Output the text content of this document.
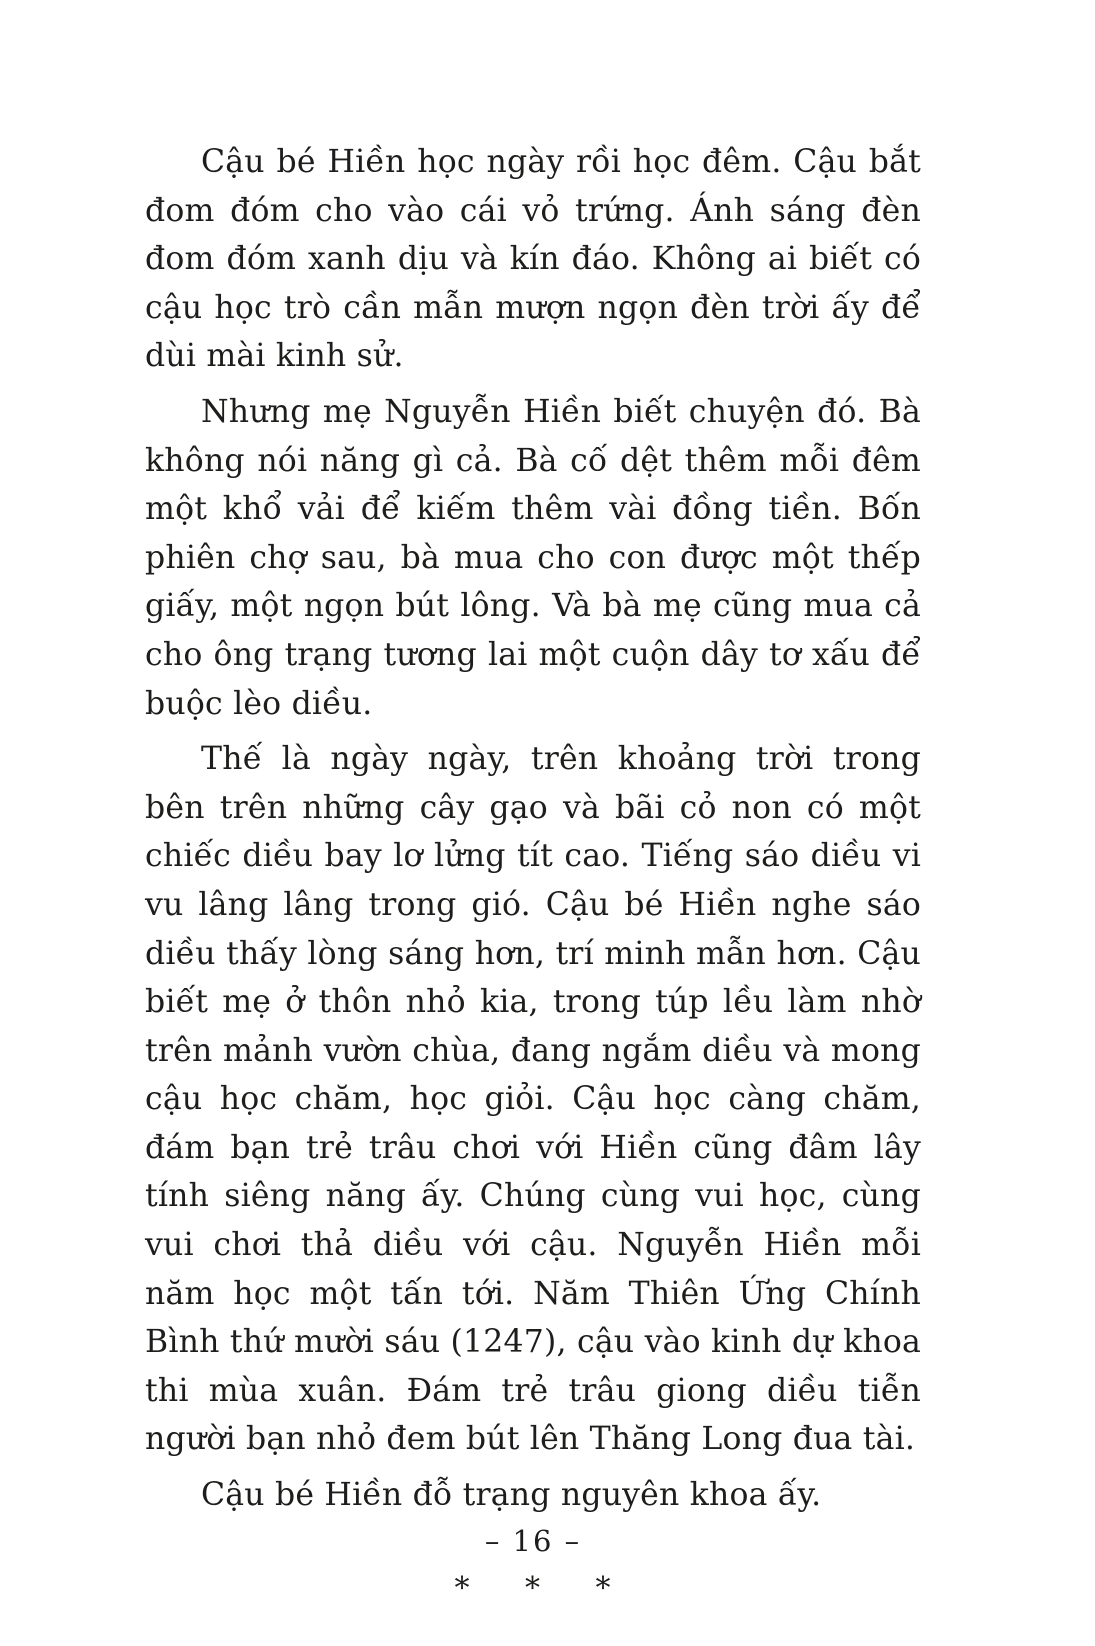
Cậu bé Hiền học ngày rồi học đêm. Cậu bắt đom đóm cho vào cái vỏ trứng. Ánh sáng đèn đom đóm xanh dịu và kín đáo. Không ai biết có cậu học trò cần mẫn mượn ngọn đèn trời ấy để dùi mài kinh sử.

Nhưng mẹ Nguyễn Hiền biết chuyện đó. Bà không nói năng gì cả. Bà cố dệt thêm mỗi đêm một khổ vải để kiếm thêm vài đồng tiền. Bốn phiên chợ sau, bà mua cho con được một thếp giấy, một ngọn bút lông. Và bà mẹ cũng mua cả cho ông trạng tương lai một cuộn dây tơ xấu để buộc lèo diều.

Thế là ngày ngày, trên khoảng trời trong bên trên những cây gạo và bãi cỏ non có một chiếc diều bay lơ lửng tít cao. Tiếng sáo diều vi vu lâng lâng trong gió. Cậu bé Hiền nghe sáo diều thấy lòng sáng hơn, trí minh mẫn hơn. Cậu biết mẹ ở thôn nhỏ kia, trong túp lều làm nhờ trên mảnh vườn chùa, đang ngắm diều và mong cậu học chăm, học giỏi. Cậu học càng chăm, đám bạn trẻ trâu chơi với Hiền cũng đâm lây tính siêng năng ấy. Chúng cùng vui học, cùng vui chơi thả diều với cậu. Nguyễn Hiền mỗi năm học một tấn tới. Năm Thiên Ứng Chính Bình thứ mười sáu (1247), cậu vào kinh dự khoa thi mùa xuân. Đám trẻ trâu giong diều tiễn người bạn nhỏ đem bút lên Thăng Long đua tài.

Cậu bé Hiền đỗ trạng nguyên khoa ấy.

* * *
– 16 –
